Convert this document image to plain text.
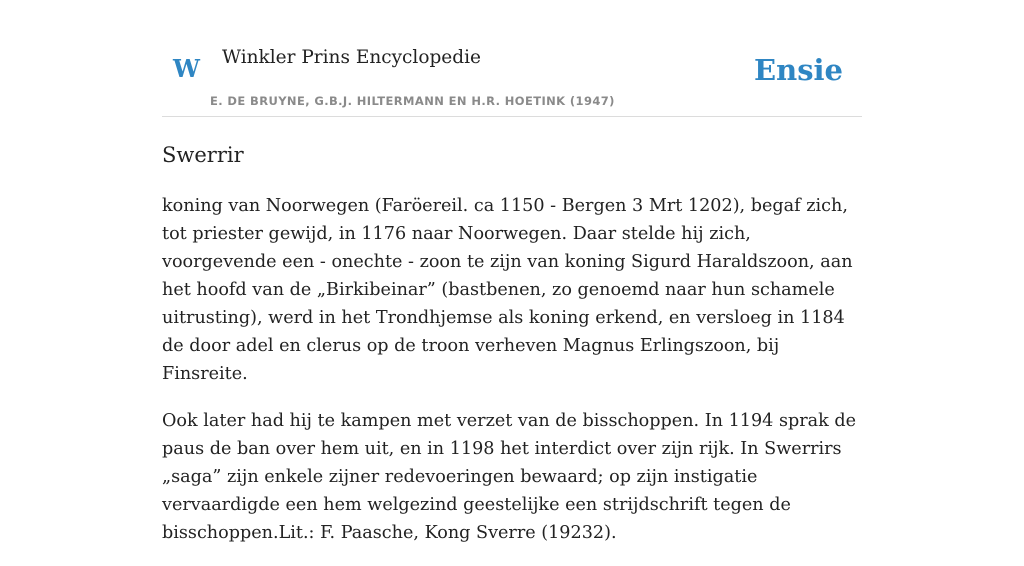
W Winkler Prins Encyclopedie
E. DE BRUYNE, G.B.J. HILTERMANN EN H.R. HOETINK (1947)
Ensie
Swerrir

koning van Noorwegen (Faröereil. ca 1150 - Bergen 3 Mrt 1202), begaf zich, tot priester gewijd, in 1176 naar Noorwegen. Daar stelde hij zich, voorgevende een - onechte - zoon te zijn van koning Sigurd Haraldszoon, aan het hoofd van de „Birkibeinar” (bastbenen, zo genoemd naar hun schamele uitrusting), werd in het Trondhjemse als koning erkend, en versloeg in 1184 de door adel en clerus op de troon verheven Magnus Erlingszoon, bij Finsreite.

Ook later had hij te kampen met verzet van de bisschoppen. In 1194 sprak de paus de ban over hem uit, en in 1198 het interdict over zijn rijk. In Swerrirs „saga” zijn enkele zijner redevoeringen bewaard; op zijn instigatie vervaardigde een hem welgezind geestelijke een strijdschrift tegen de bisschoppen.Lit.: F. Paasche, Kong Sverre (19232).
